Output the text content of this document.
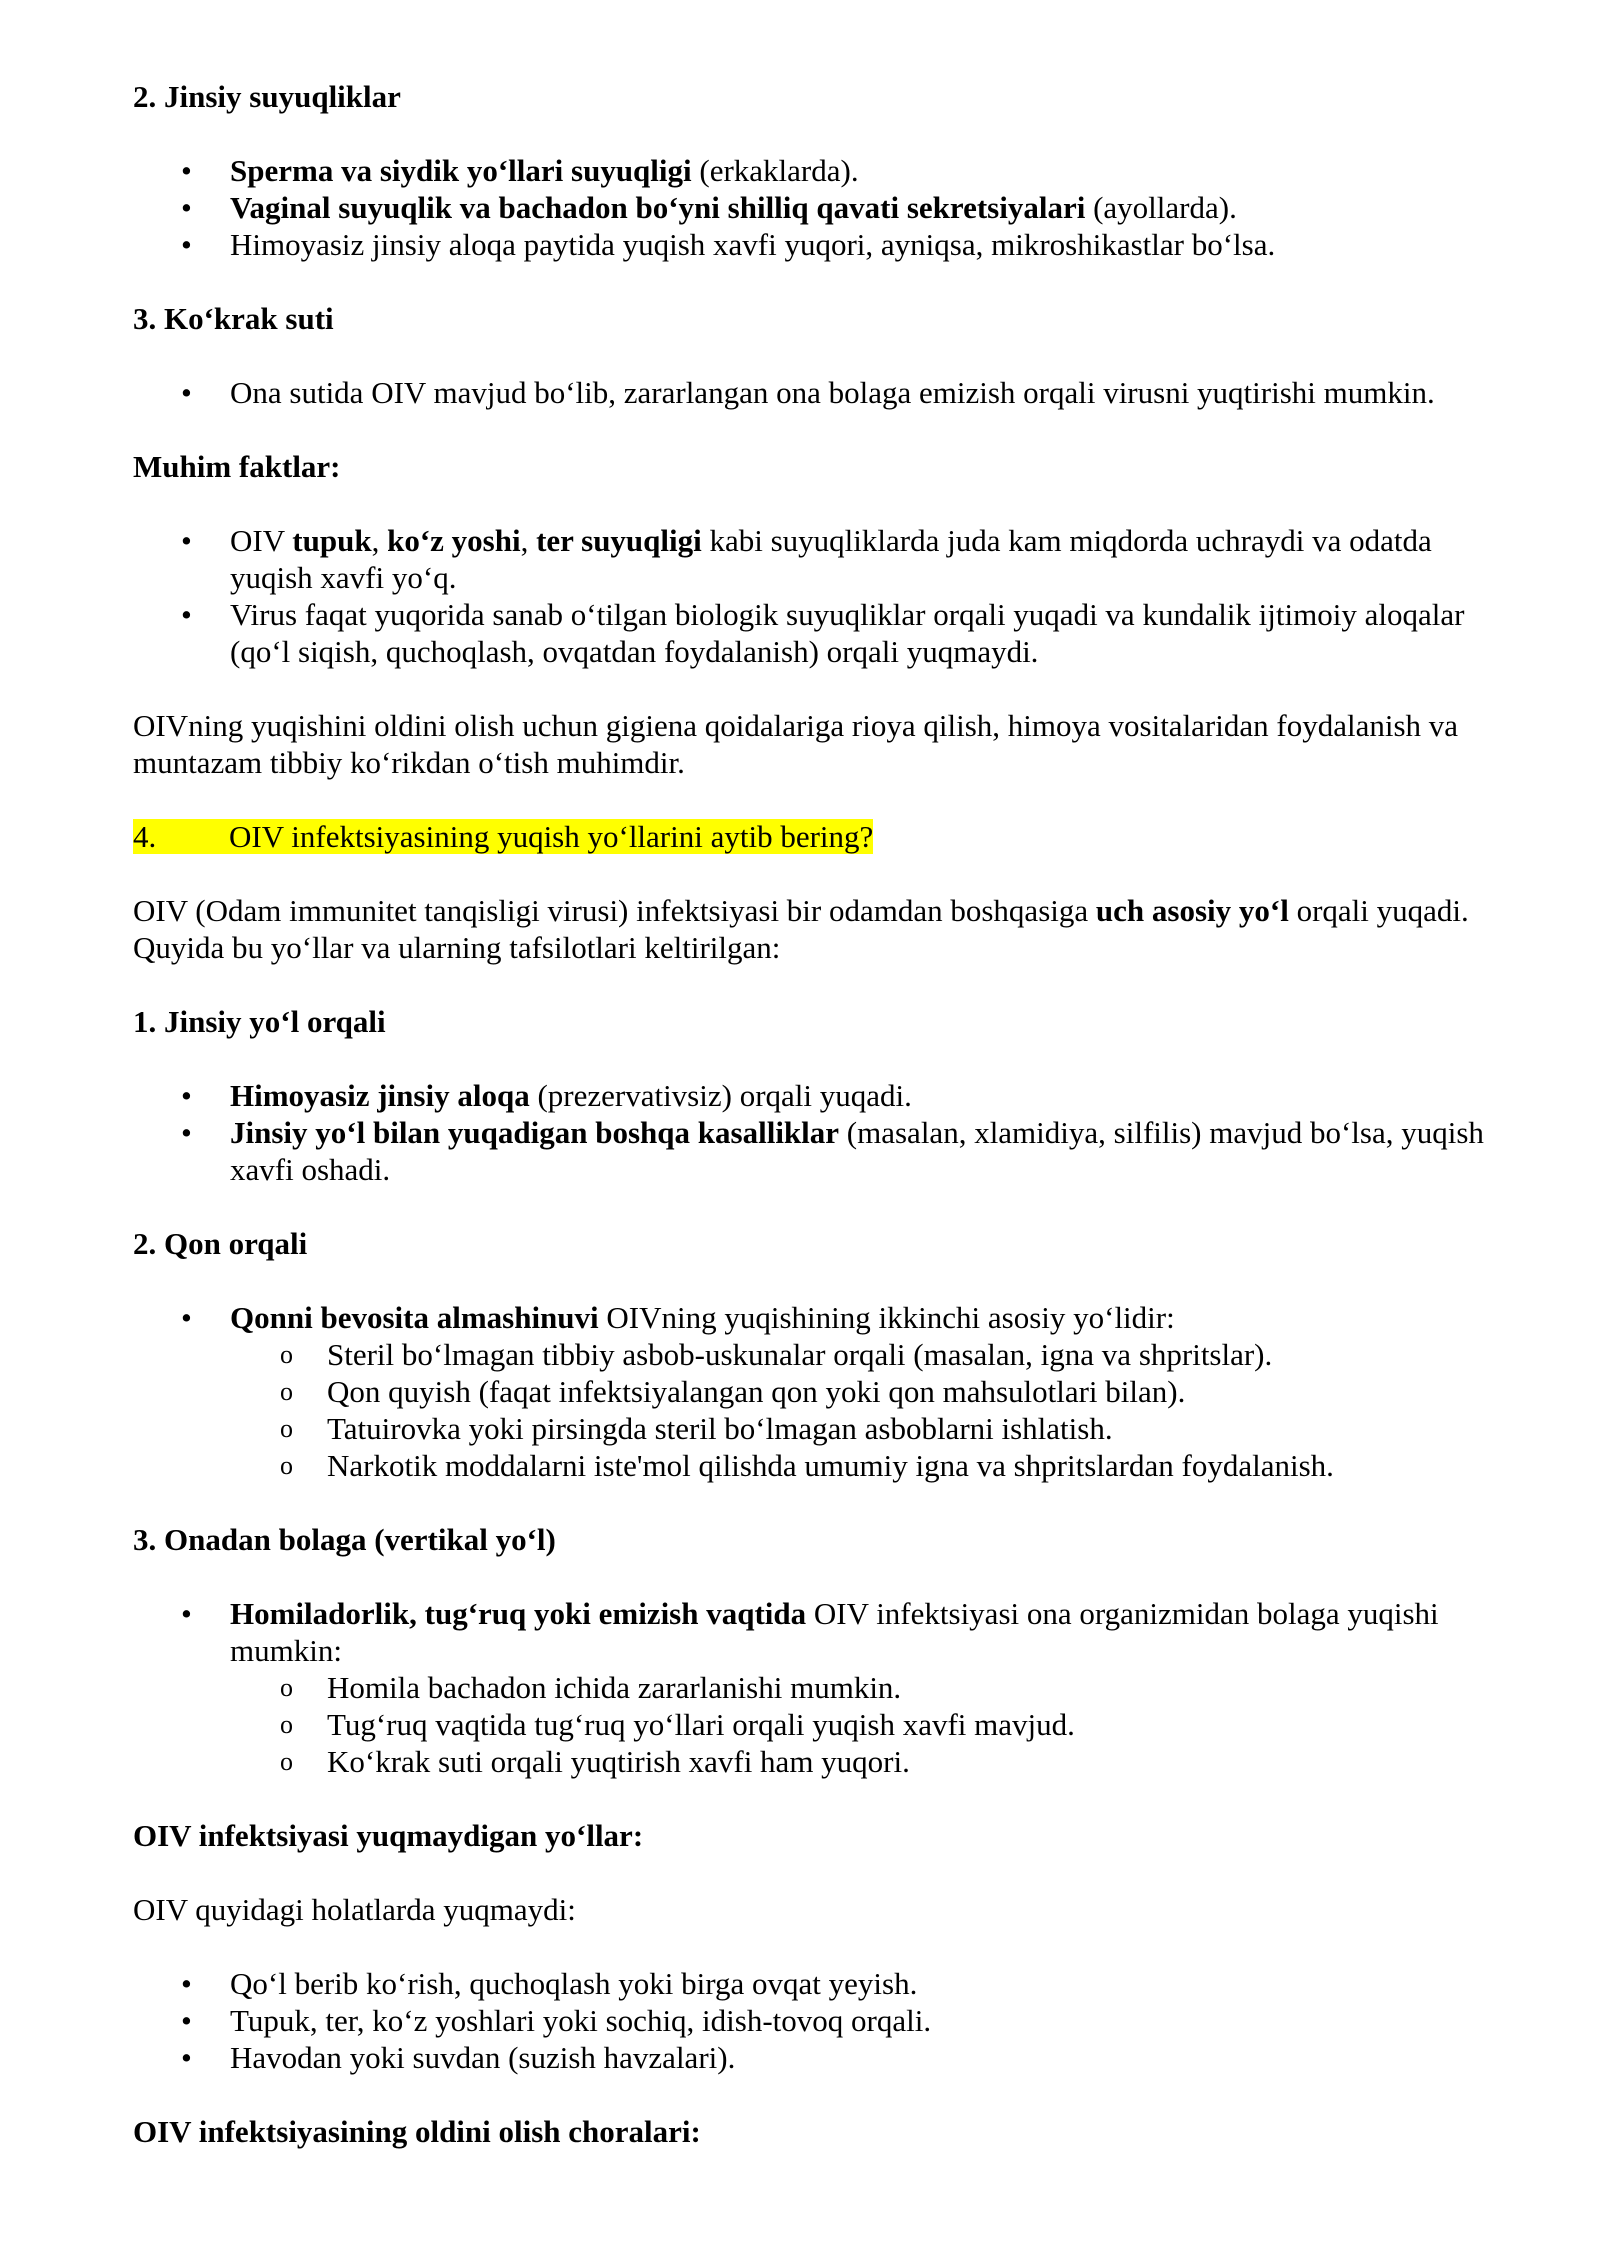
2. Jinsiy suyuqliklar

• Sperma va siydik yo‘llari suyuqligi (erkaklarda).
• Vaginal suyuqlik va bachadon bo‘yni shilliq qavati sekretsiyalari (ayollarda).
• Himoyasiz jinsiy aloqa paytida yuqish xavfi yuqori, ayniqsa, mikroshikastlar bo‘lsa.

3. Ko‘krak suti

• Ona sutida OIV mavjud bo‘lib, zararlangan ona bolaga emizish orqali virusni yuqtirishi mumkin.

Muhim faktlar:

• OIV tupuk, ko‘z yoshi, ter suyuqligi kabi suyuqliklarda juda kam miqdorda uchraydi va odatda yuqish xavfi yo‘q.
• Virus faqat yuqorida sanab o‘tilgan biologik suyuqliklar orqali yuqadi va kundalik ijtimoiy aloqalar (qo‘l siqish, quchoqlash, ovqatdan foydalanish) orqali yuqmaydi.

OIVning yuqishini oldini olish uchun gigiena qoidalariga rioya qilish, himoya vositalaridan foydalanish va muntazam tibbiy ko‘rikdan o‘tish muhimdir.

4. OIV infektsiyasining yuqish yo‘llarini aytib bering?

OIV (Odam immunitet tanqisligi virusi) infektsiyasi bir odamdan boshqasiga uch asosiy yo‘l orqali yuqadi. Quyida bu yo‘llar va ularning tafsilotlari keltirilgan:

1. Jinsiy yo‘l orqali

• Himoyasiz jinsiy aloqa (prezervativsiz) orqali yuqadi.
• Jinsiy yo‘l bilan yuqadigan boshqa kasalliklar (masalan, xlamidiya, silfilis) mavjud bo‘lsa, yuqish xavfi oshadi.

2. Qon orqali

• Qonni bevosita almashinuvi OIVning yuqishining ikkinchi asosiy yo‘lidir:
o Steril bo‘lmagan tibbiy asbob-uskunalar orqali (masalan, igna va shpritslar).
o Qon quyish (faqat infektsiyalangan qon yoki qon mahsulotlari bilan).
o Tatuirovka yoki pirsingda steril bo‘lmagan asboblarni ishlatish.
o Narkotik moddalarni iste'mol qilishda umumiy igna va shpritslardan foydalanish.

3. Onadan bolaga (vertikal yo‘l)

• Homiladorlik, tug‘ruq yoki emizish vaqtida OIV infektsiyasi ona organizmidan bolaga yuqishi mumkin:
o Homila bachadon ichida zararlanishi mumkin.
o Tug‘ruq vaqtida tug‘ruq yo‘llari orqali yuqish xavfi mavjud.
o Ko‘krak suti orqali yuqtirish xavfi ham yuqori.

OIV infektsiyasi yuqmaydigan yo‘llar:

OIV quyidagi holatlarda yuqmaydi:

• Qo‘l berib ko‘rish, quchoqlash yoki birga ovqat yeyish.
• Tupuk, ter, ko‘z yoshlari yoki sochiq, idish-tovoq orqali.
• Havodan yoki suvdan (suzish havzalari).

OIV infektsiyasining oldini olish choralari:
